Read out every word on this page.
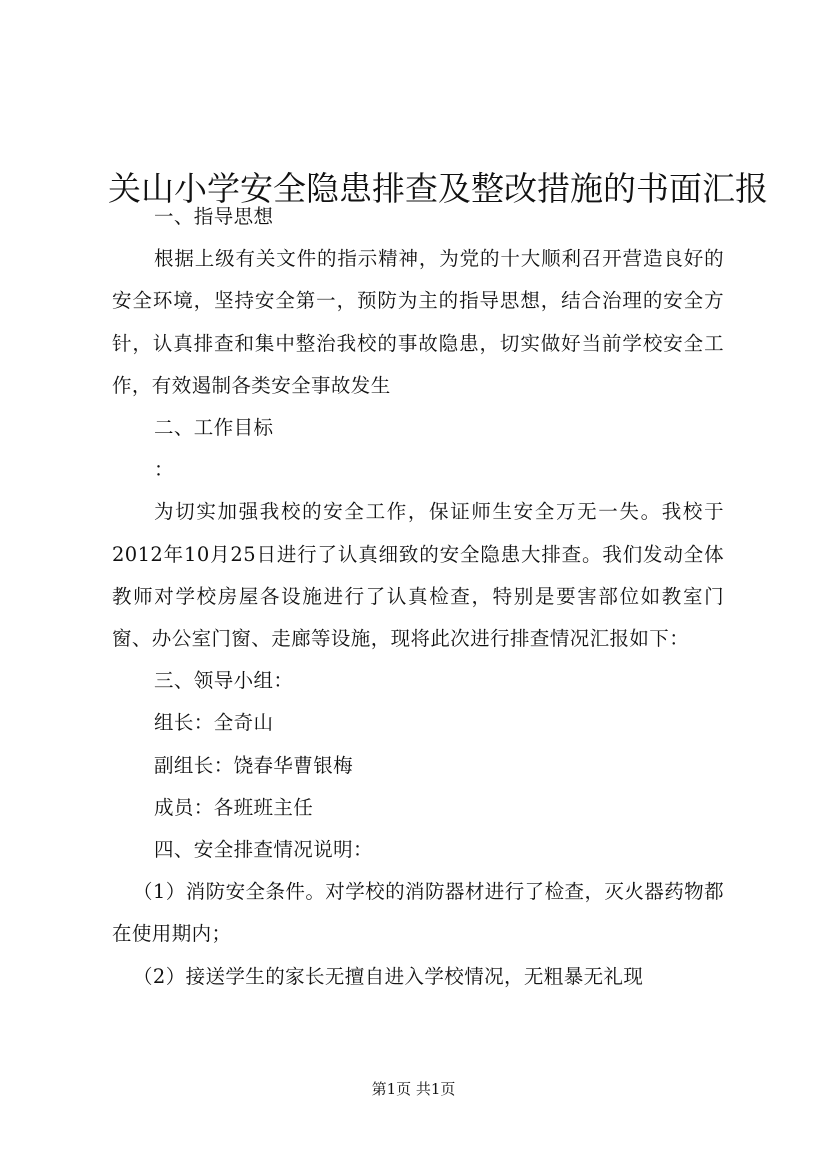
关山小学安全隐患排查及整改措施的书面汇报

一、指导思想

根据上级有关文件的指示精神，为党的十大顺利召开营造良好的安全环境，坚持安全第一，预防为主的指导思想，结合治理的安全方针，认真排查和集中整治我校的事故隐患，切实做好当前学校安全工作，有效遏制各类安全事故发生

二、工作目标

：

为切实加强我校的安全工作，保证师生安全万无一失。我校于2012年10月25日进行了认真细致的安全隐患大排查。我们发动全体教师对学校房屋各设施进行了认真检查，特别是要害部位如教室门窗、办公室门窗、走廊等设施，现将此次进行排查情况汇报如下：

三、领导小组：

组长：全奇山

副组长：饶春华曹银梅

成员：各班班主任

四、安全排查情况说明：

（1）消防安全条件。对学校的消防器材进行了检查，灭火器药物都在使用期内；

（2）接送学生的家长无擅自进入学校情况，无粗暴无礼现

第1页 共1页
